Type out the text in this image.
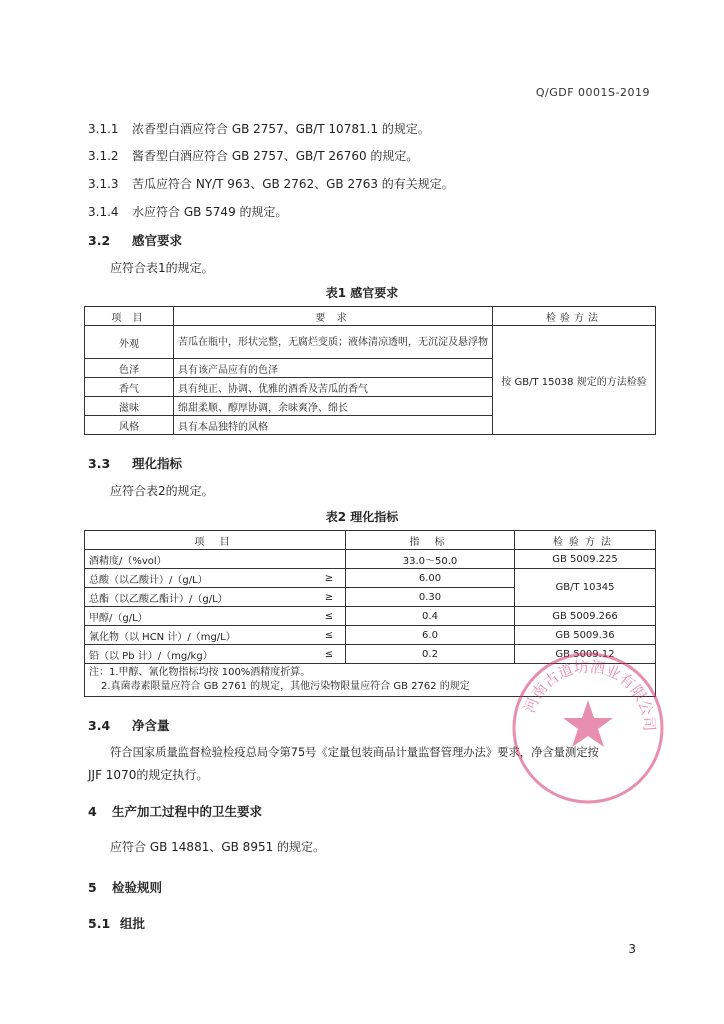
Q/GDF 0001S-2019
3.1.1 浓香型白酒应符合 GB 2757、GB/T 10781.1 的规定。
3.1.2 酱香型白酒应符合 GB 2757、GB/T 26760 的规定。
3.1.3 苦瓜应符合 NY/T 963、GB 2762、GB 2763 的有关规定。
3.1.4 水应符合 GB 5749 的规定。
3.2 感官要求
应符合表1的规定。
表1 感官要求
项 目	要 求	检验方法
外观	苦瓜在瓶中，形状完整，无腐烂变质；液体清凉透明，无沉淀及悬浮物	按 GB/T 15038 规定的方法检验
色泽	具有该产品应有的色泽	
香气	具有纯正、协调、优雅的酒香及苦瓜的香气	
滋味	绵甜柔顺、醇厚协调，余味爽净、绵长	
风格	具有本品独特的风格	
3.3 理化指标
应符合表2的规定。
表2 理化指标
项 目		指 标	检验方法
酒精度/（%vol）		33.0～50.0	GB 5009.225
总酸（以乙酸计）/（g/L）	≥	6.00	GB/T 10345
总酯（以乙酸乙酯计）/（g/L）	≥	0.30	
甲醇/（g/L）	≤	0.4	GB 5009.266
氰化物（以 HCN 计）/（mg/L）	≤	6.0	GB 5009.36
铅（以 Pb 计）/（mg/kg）	≤	0.2	GB 5009.12

注：1.甲醇、氰化物指标均按 100%酒精度折算。
2.真菌毒素限量应符合 GB 2761 的规定，其他污染物限量应符合 GB 2762 的规定			
3.4 净含量
符合国家质量监督检验检疫总局令第75号《定量包装商品计量监督管理办法》要求，净含量测定按
JJF 1070的规定执行。
4 生产加工过程中的卫生要求
应符合 GB 14881、GB 8951 的规定。
5 检验规则
5.1 组批
河南古道坊酒业有限公司
3
